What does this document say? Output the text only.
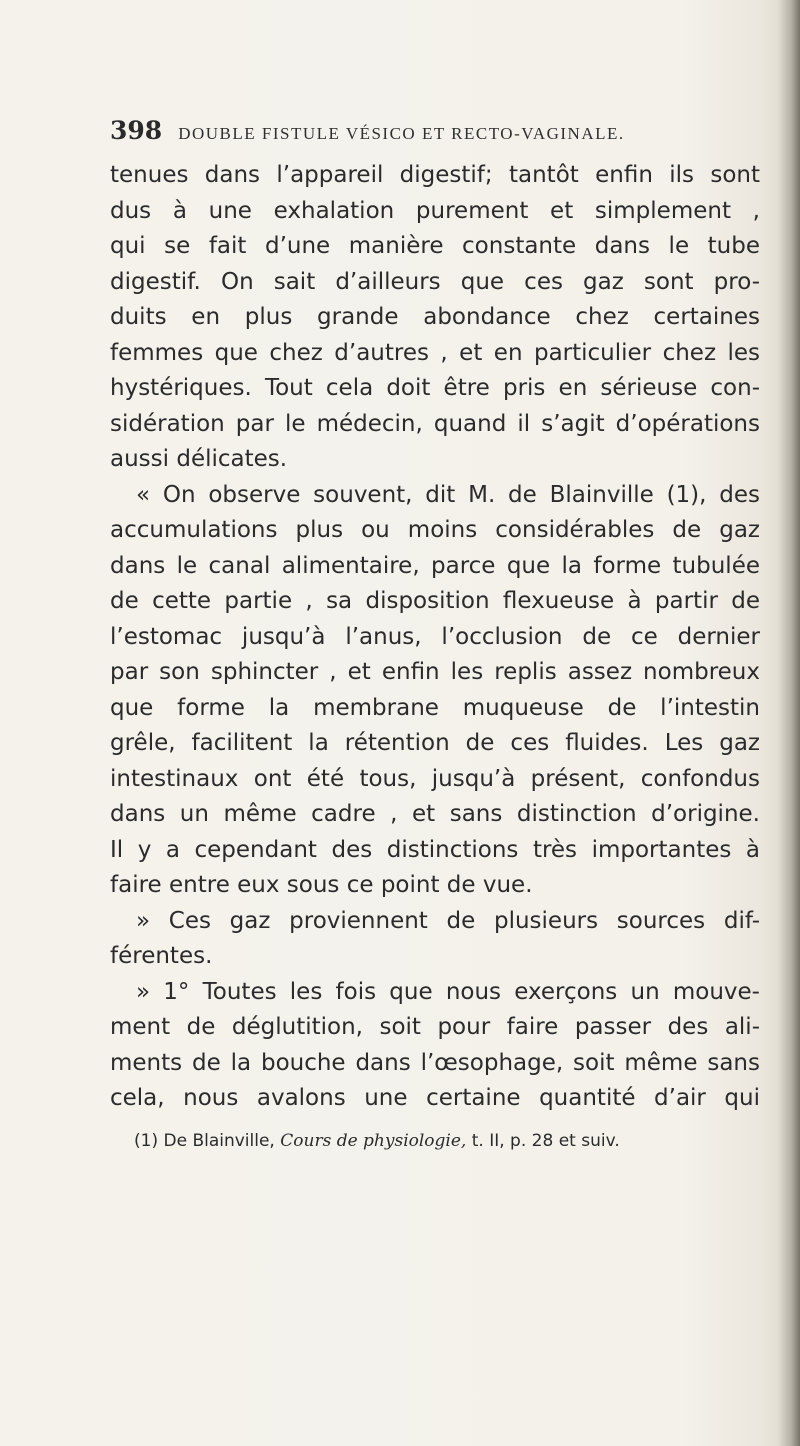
398 DOUBLE FISTULE VÉSICO ET RECTO-VAGINALE.
tenues dans l’appareil digestif; tantôt enfin ils sont
dus à une exhalation purement et simplement ,
qui se fait d’une manière constante dans le tube
digestif. On sait d’ailleurs que ces gaz sont pro-
duits en plus grande abondance chez certaines
femmes que chez d’autres , et en particulier chez les
hystériques. Tout cela doit être pris en sérieuse con-
sidération par le médecin, quand il s’agit d’opérations
aussi délicates.
« On observe souvent, dit M. de Blainville (1), des
accumulations plus ou moins considérables de gaz
dans le canal alimentaire, parce que la forme tubulée
de cette partie , sa disposition flexueuse à partir de
l’estomac jusqu’à l’anus, l’occlusion de ce dernier
par son sphincter , et enfin les replis assez nombreux
que forme la membrane muqueuse de l’intestin
grêle, facilitent la rétention de ces fluides. Les gaz
intestinaux ont été tous, jusqu’à présent, confondus
dans un même cadre , et sans distinction d’origine.
Il y a cependant des distinctions très importantes à
faire entre eux sous ce point de vue.
» Ces gaz proviennent de plusieurs sources dif-
férentes.
» 1° Toutes les fois que nous exerçons un mouve-
ment de déglutition, soit pour faire passer des ali-
ments de la bouche dans l’œsophage, soit même sans
cela, nous avalons une certaine quantité d’air qui
(1) De Blainville, Cours de physiologie, t. II, p. 28 et suiv.
